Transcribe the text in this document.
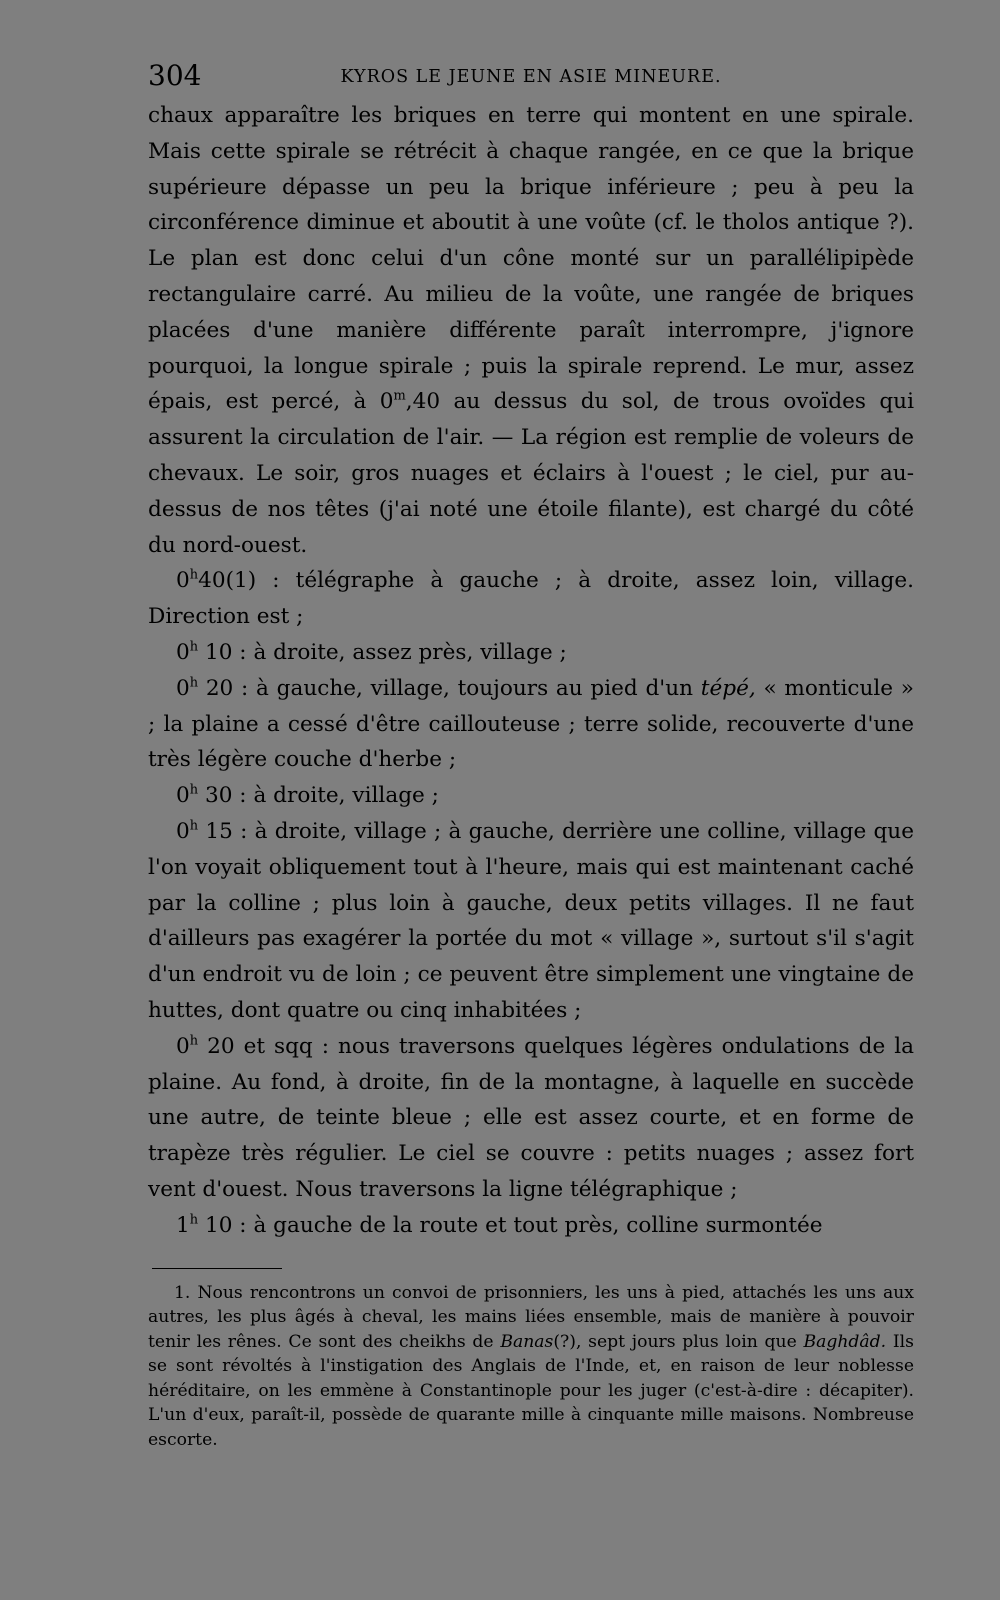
304	KYROS LE JEUNE EN ASIE MINEURE.

chaux apparaître les briques en terre qui montent en une spirale. Mais cette spirale se rétrécit à chaque rangée, en ce que la brique supérieure dépasse un peu la brique inférieure ; peu à peu la circonférence diminue et aboutit à une voûte (cf. le tholos antique ?). Le plan est donc celui d'un cône monté sur un parallélipipède rectangulaire carré. Au milieu de la voûte, une rangée de briques placées d'une manière différente paraît interrompre, j'ignore pourquoi, la longue spirale ; puis la spirale reprend. Le mur, assez épais, est percé, à 0$^m$,40 au dessus du sol, de trous ovoïdes qui assurent la circulation de l'air. — La région est remplie de voleurs de chevaux. Le soir, gros nuages et éclairs à l'ouest ; le ciel, pur au-dessus de nos têtes (j'ai noté une étoile filante), est chargé du côté du nord-ouest.

0$^h$40(1) : télégraphe à gauche ; à droite, assez loin, village. Direction est ;

0$^h$ 10 : à droite, assez près, village ;

0$^h$ 20 : à gauche, village, toujours au pied d'un tépé, « monticule » ; la plaine a cessé d'être caillouteuse ; terre solide, recouverte d'une très légère couche d'herbe ;

0$^h$ 30 : à droite, village ;

0$^h$ 15 : à droite, village ; à gauche, derrière une colline, village que l'on voyait obliquement tout à l'heure, mais qui est maintenant caché par la colline ; plus loin à gauche, deux petits villages. Il ne faut d'ailleurs pas exagérer la portée du mot « village », surtout s'il s'agit d'un endroit vu de loin ; ce peuvent être simplement une vingtaine de huttes, dont quatre ou cinq inhabitées ;

0$^h$ 20 et sqq : nous traversons quelques légères ondulations de la plaine. Au fond, à droite, fin de la montagne, à laquelle en succède une autre, de teinte bleue ; elle est assez courte, et en forme de trapèze très régulier. Le ciel se couvre : petits nuages ; assez fort vent d'ouest. Nous traversons la ligne télégraphique ;

1$^h$ 10 : à gauche de la route et tout près, colline surmontée

1. Nous rencontrons un convoi de prisonniers, les uns à pied, attachés les uns aux autres, les plus âgés à cheval, les mains liées ensemble, mais de manière à pouvoir tenir les rênes. Ce sont des cheikhs de Banas(?), sept jours plus loin que Baghdâd. Ils se sont révoltés à l'instigation des Anglais de l'Inde, et, en raison de leur noblesse héréditaire, on les emmène à Constantinople pour les juger (c'est-à-dire : décapiter). L'un d'eux, paraît-il, possède de quarante mille à cinquante mille maisons. Nombreuse escorte.
